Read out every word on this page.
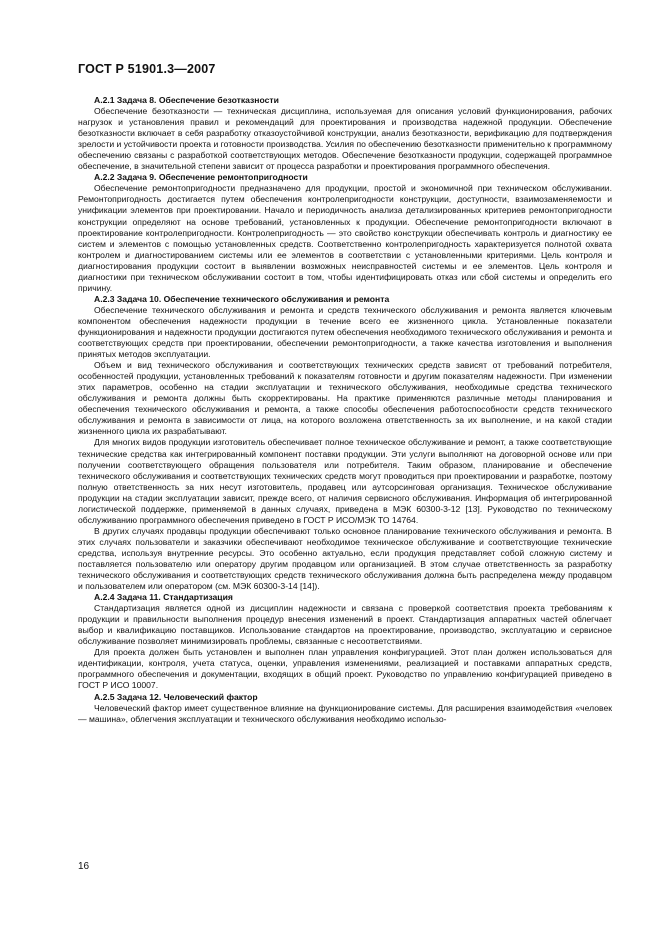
ГОСТ Р 51901.3—2007
А.2.1 Задача 8. Обеспечение безотказности

Обеспечение безотказности — техническая дисциплина, используемая для описания условий функционирования, рабочих нагрузок и установления правил и рекомендаций для проектирования и производства надежной продукции. Обеспечение безотказности включает в себя разработку отказоустойчивой конструкции, анализ безотказности, верификацию для подтверждения зрелости и устойчивости проекта и готовности производства. Усилия по обеспечению безотказности применительно к программному обеспечению связаны с разработкой соответствующих методов. Обеспечение безотказности продукции, содержащей программное обеспечение, в значительной степени зависит от процесса разработки и проектирования программного обеспечения.

А.2.2 Задача 9. Обеспечение ремонтопригодности

Обеспечение ремонтопригодности предназначено для продукции, простой и экономичной при техническом обслуживании. Ремонтопригодность достигается путем обеспечения контролепригодности конструкции, доступности, взаимозаменяемости и унификации элементов при проектировании. Начало и периодичность анализа детализированных критериев ремонтопригодности конструкции определяют на основе требований, установленных к продукции. Обеспечение ремонтопригодности включают в проектирование контролепригодности. Контролепригодность — это свойство конструкции обеспечивать контроль и диагностику ее систем и элементов с помощью установленных средств. Соответственно контролепригодность характеризуется полнотой охвата контролем и диагностированием системы или ее элементов в соответствии с установленными критериями. Цель контроля и диагностирования продукции состоит в выявлении возможных неисправностей системы и ее элементов. Цель контроля и диагностики при техническом обслуживании состоит в том, чтобы идентифицировать отказ или сбой системы и определить его причину.

А.2.3 Задача 10. Обеспечение технического обслуживания и ремонта

Обеспечение технического обслуживания и ремонта и средств технического обслуживания и ремонта является ключевым компонентом обеспечения надежности продукции в течение всего ее жизненного цикла. Установленные показатели функционирования и надежности продукции достигаются путем обеспечения необходимого технического обслуживания и ремонта и соответствующих средств при проектировании, обеспечении ремонтопригодности, а также качества изготовления и выполнения принятых методов эксплуатации.

Объем и вид технического обслуживания и соответствующих технических средств зависят от требований потребителя, особенностей продукции, установленных требований к показателям готовности и другим показателям надежности. При изменении этих параметров, особенно на стадии эксплуатации и технического обслуживания, необходимые средства технического обслуживания и ремонта должны быть скорректированы. На практике применяются различные методы планирования и обеспечения технического обслуживания и ремонта, а также способы обеспечения работоспособности средств технического обслуживания и ремонта в зависимости от лица, на которого возложена ответственность за их выполнение, и на какой стадии жизненного цикла их разрабатывают.

Для многих видов продукции изготовитель обеспечивает полное техническое обслуживание и ремонт, а также соответствующие технические средства как интегрированный компонент поставки продукции. Эти услуги выполняют на договорной основе или при получении соответствующего обращения пользователя или потребителя. Таким образом, планирование и обеспечение технического обслуживания и соответствующих технических средств могут проводиться при проектировании и разработке, поэтому полную ответственность за них несут изготовитель, продавец или аутсорсинговая организация. Техническое обслуживание продукции на стадии эксплуатации зависит, прежде всего, от наличия сервисного обслуживания. Информация об интегрированной логистической поддержке, применяемой в данных случаях, приведена в МЭК 60300-3-12 [13]. Руководство по техническому обслуживанию программного обеспечения приведено в ГОСТ Р ИСО/МЭК ТО 14764.

В других случаях продавцы продукции обеспечивают только основное планирование технического обслуживания и ремонта. В этих случаях пользователи и заказчики обеспечивают необходимое техническое обслуживание и соответствующие технические средства, используя внутренние ресурсы. Это особенно актуально, если продукция представляет собой сложную систему и поставляется пользователю или оператору другим продавцом или организацией. В этом случае ответственность за разработку технического обслуживания и соответствующих средств технического обслуживания должна быть распределена между продавцом и пользователем или оператором (см. МЭК 60300-3-14 [14]).

А.2.4 Задача 11. Стандартизация

Стандартизация является одной из дисциплин надежности и связана с проверкой соответствия проекта требованиям к продукции и правильности выполнения процедур внесения изменений в проект. Стандартизация аппаратных частей облегчает выбор и квалификацию поставщиков. Использование стандартов на проектирование, производство, эксплуатацию и сервисное обслуживание позволяет минимизировать проблемы, связанные с несоответствиями.

Для проекта должен быть установлен и выполнен план управления конфигурацией. Этот план должен использоваться для идентификации, контроля, учета статуса, оценки, управления изменениями, реализацией и поставками аппаратных средств, программного обеспечения и документации, входящих в общий проект. Руководство по управлению конфигурацией приведено в ГОСТ Р ИСО 10007.

А.2.5 Задача 12. Человеческий фактор

Человеческий фактор имеет существенное влияние на функционирование системы. Для расширения взаимодействия «человек — машина», облегчения эксплуатации и технического обслуживания необходимо использо-

16
